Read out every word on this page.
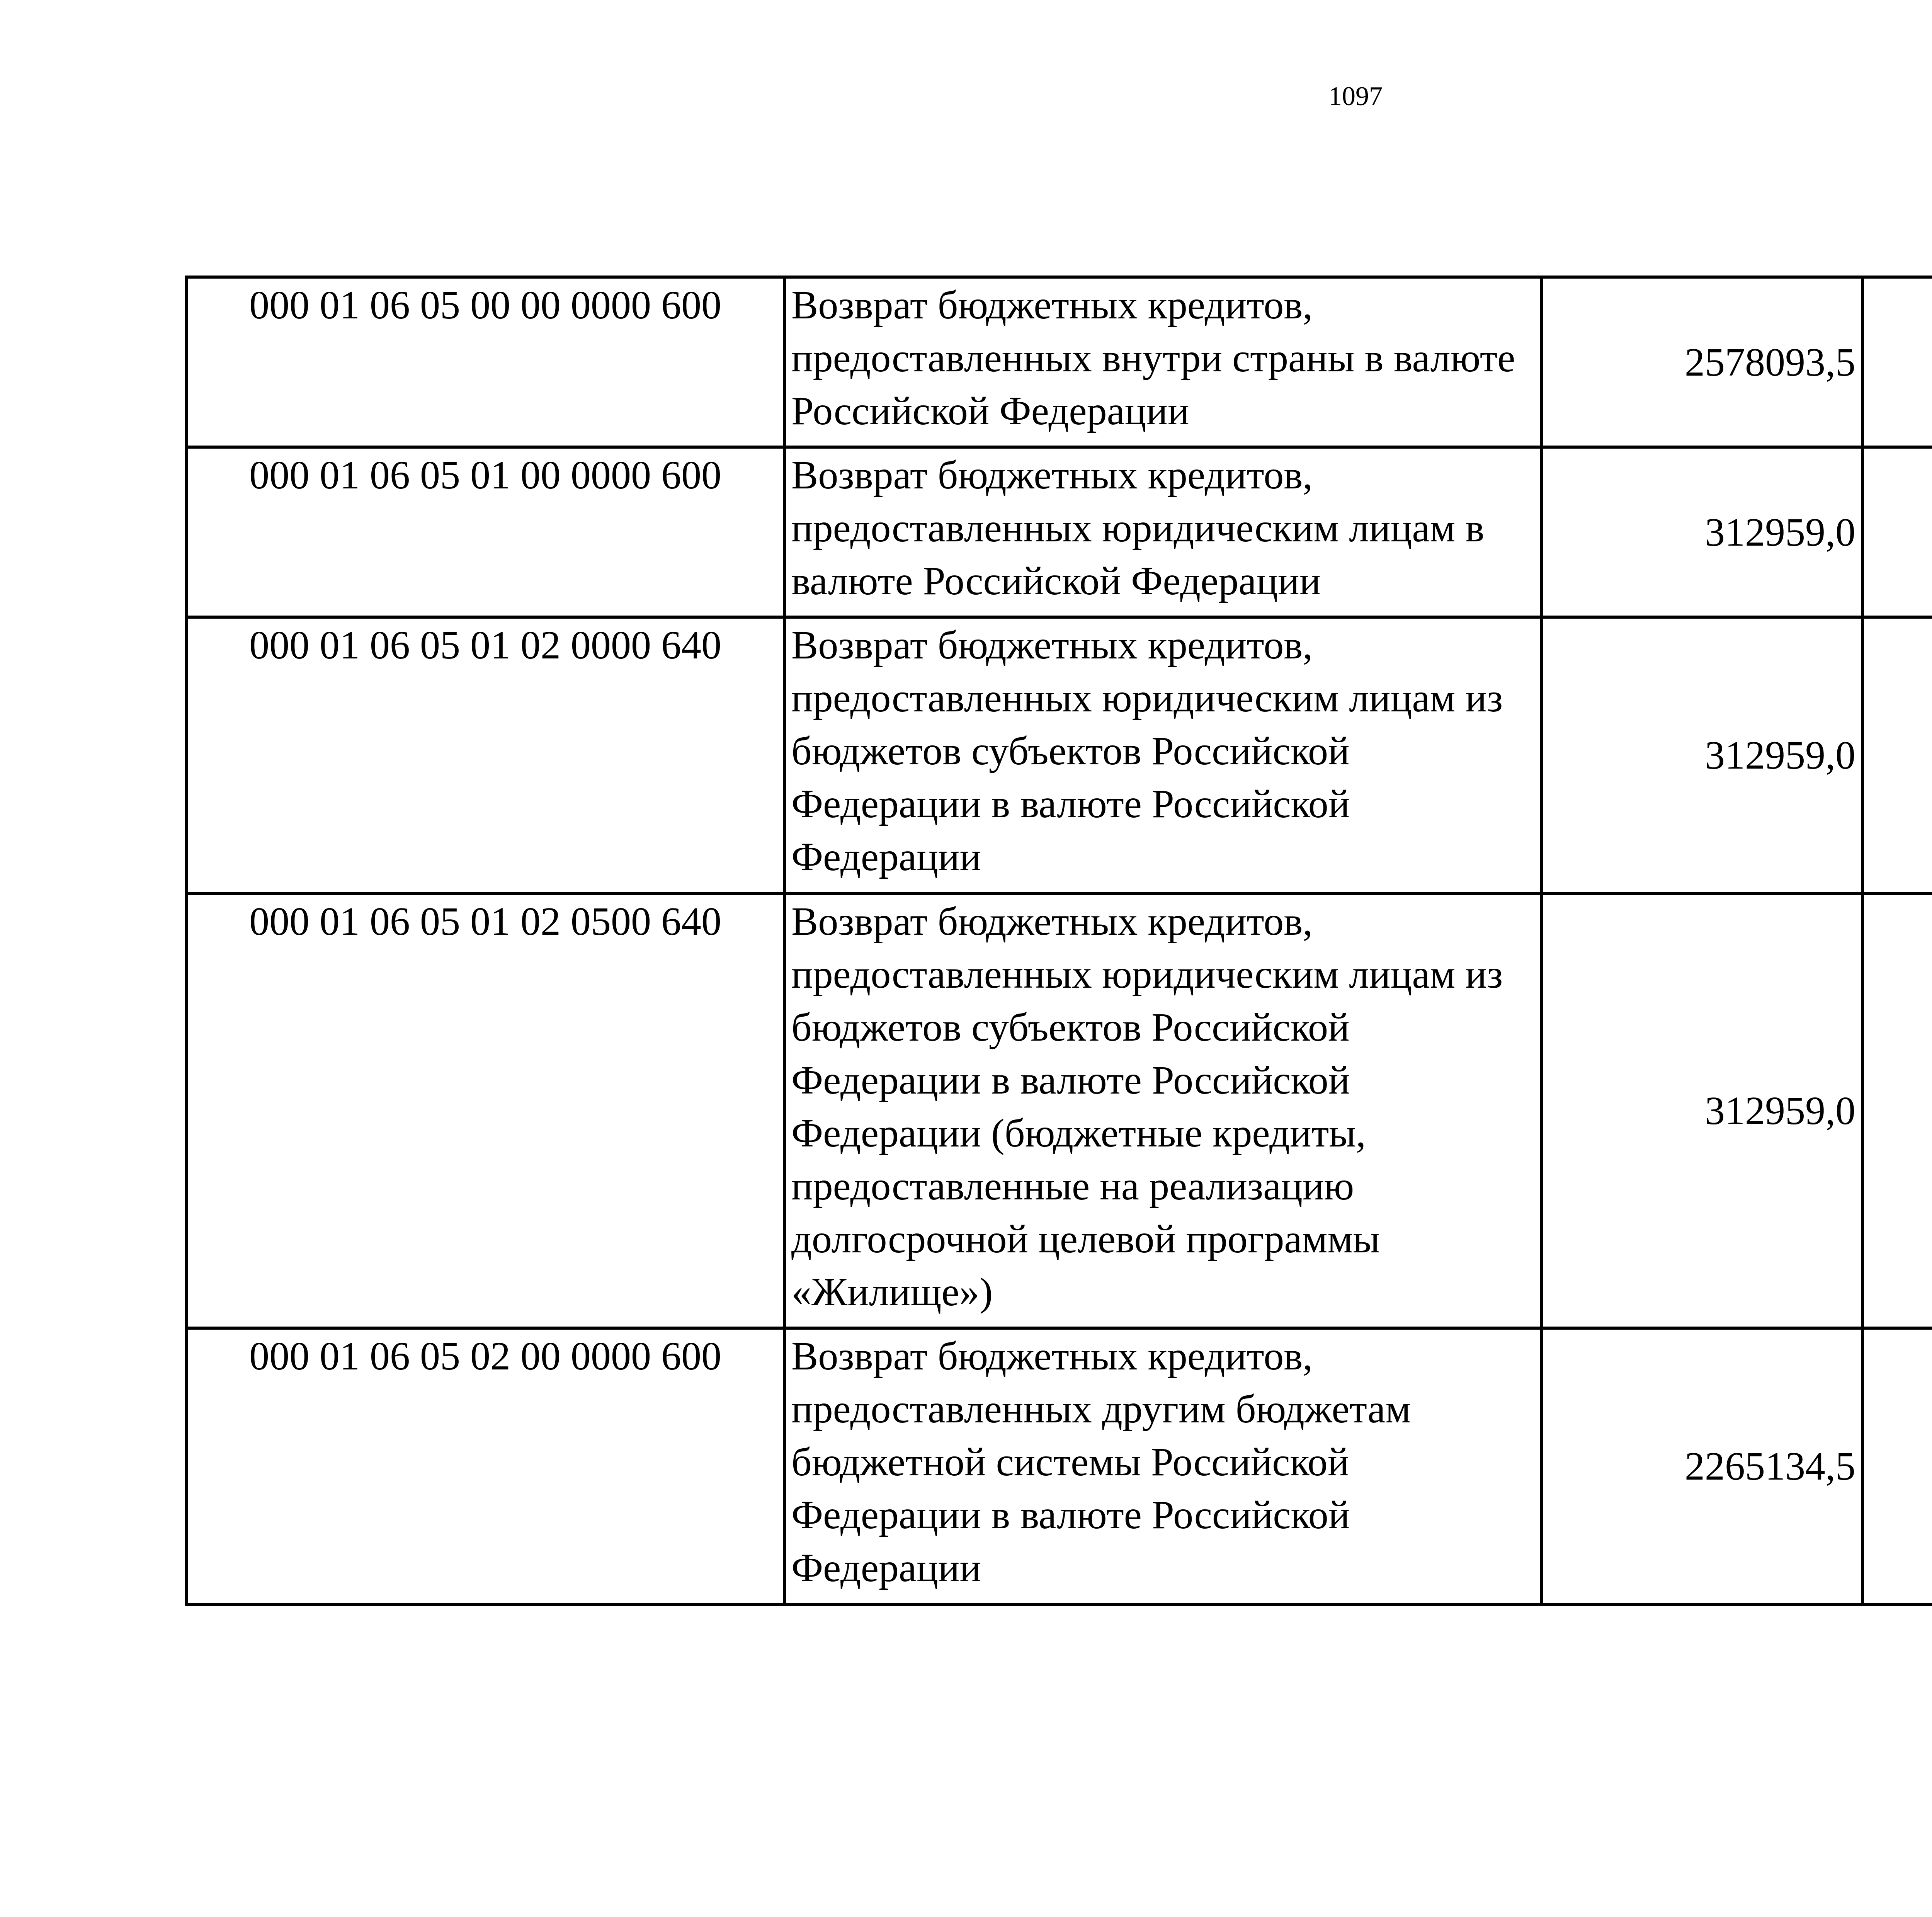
1097
000 01 06 05 00 00 0000 600	Возврат бюджетных кредитов, предоставленных внутри страны в валюте Российской Федерации	2578093,5		
000 01 06 05 01 00 0000 600	Возврат бюджетных кредитов, предоставленных юридическим лицам в валюте Российской Федерации	312959,0		
000 01 06 05 01 02 0000 640	Возврат бюджетных кредитов, предоставленных юридическим лицам из бюджетов субъектов Российской Федерации в валюте Российской Федерации	312959,0		
000 01 06 05 01 02 0500 640	Возврат бюджетных кредитов, предоставленных юридическим лицам из бюджетов субъектов Российской Федерации в валюте Российской Федерации (бюджетные кредиты, предоставленные на реализацию долгосрочной целевой программы «Жилище»)	312959,0		
000 01 06 05 02 00 0000 600	Возврат бюджетных кредитов, предоставленных другим бюджетам бюджетной системы Российской Федерации в валюте Российской Федерации	2265134,5		
